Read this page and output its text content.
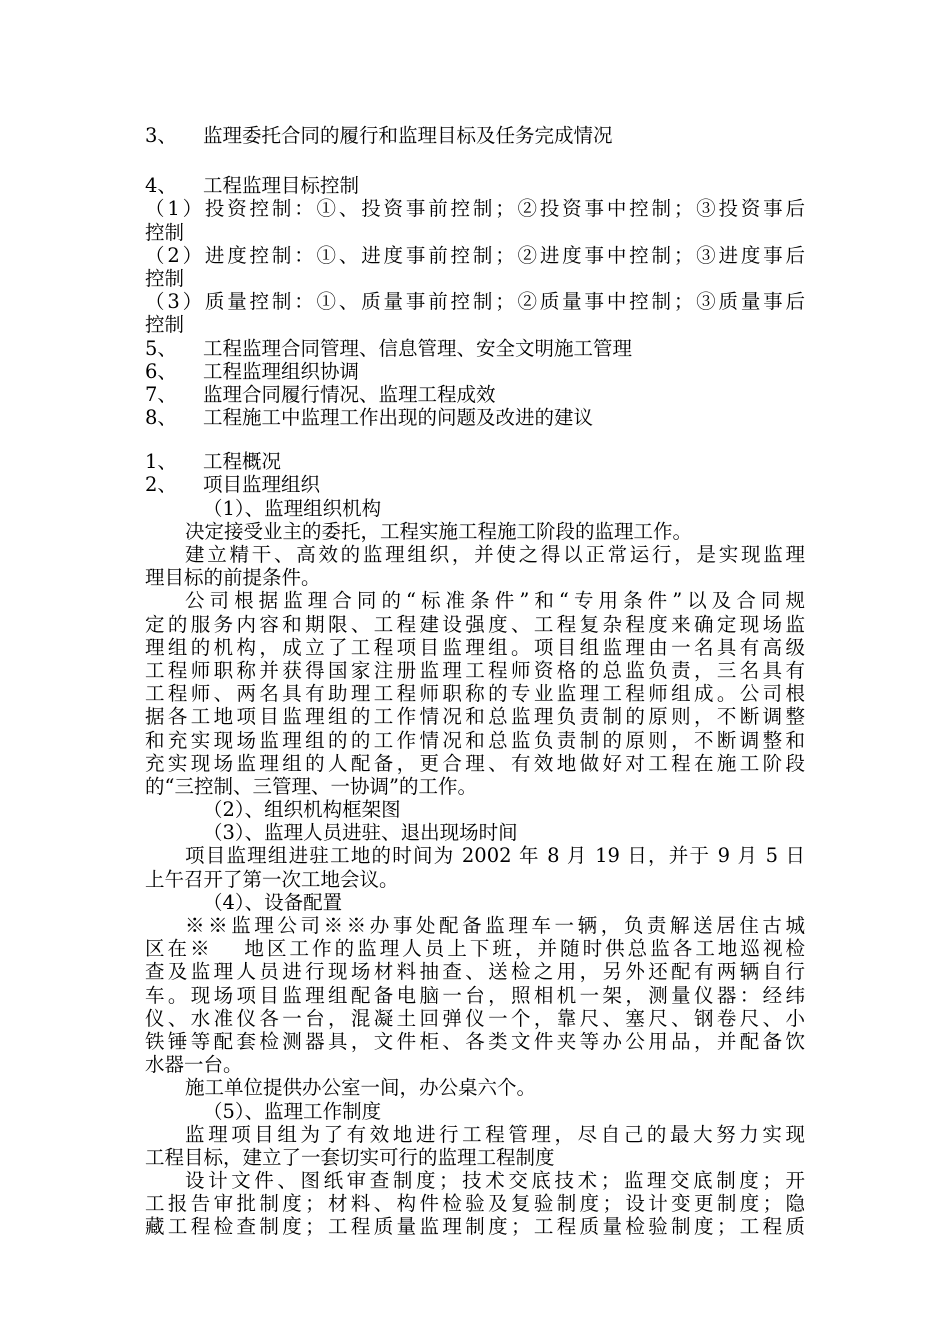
3、 监理委托合同的履行和监理目标及任务完成情况
4、 工程监理目标控制
（1）投资控制：①、投资事前控制；②投资事中控制；③投资事后
控制
（2）进度控制：①、进度事前控制；②进度事中控制；③进度事后
控制
（3）质量控制：①、质量事前控制；②质量事中控制；③质量事后
控制
5、 工程监理合同管理、信息管理、安全文明施工管理
6、 工程监理组织协调
7、 监理合同履行情况、监理工程成效
8、 工程施工中监理工作出现的问题及改进的建议
1、 工程概况
2、 项目监理组织
（1）、监理组织机构
决定接受业主的委托，工程实施工程施工阶段的监理工作。
建立精干、高效的监理组织，并使之得以正常运行，是实现监理
理目标的前提条件。
公司根据监理合同的“标准条件”和“专用条件”以及合同规
定的服务内容和期限、工程建设强度、工程复杂程度来确定现场监
理组的机构，成立了工程项目监理组。项目组监理由一名具有高级
工程师职称并获得国家注册监理工程师资格的总监负责，三名具有
工程师、两名具有助理工程师职称的专业监理工程师组成。公司根
据各工地项目监理组的工作情况和总监理负责制的原则，不断调整
和充实现场监理组的的工作情况和总监负责制的原则，不断调整和
充实现场监理组的人配备，更合理、有效地做好对工程在施工阶段
的“三控制、三管理、一协调”的工作。
（2）、组织机构框架图
（3）、监理人员进驻、退出现场时间
项目监理组进驻工地的时间为 2002 年 8 月 19 日，并于 9 月 5 日
上午召开了第一次工地会议。
（4）、设备配置
※※监理公司※※办事处配备监理车一辆，负责解送居住古城
区在※　 地区工作的监理人员上下班，并随时供总监各工地巡视检
查及监理人员进行现场材料抽查、送检之用，另外还配有两辆自行
车。现场项目监理组配备电脑一台，照相机一架，测量仪器：经纬
仪、水准仪各一台，混凝土回弹仪一个，靠尺、塞尺、钢卷尺、小
铁锤等配套检测器具，文件柜、各类文件夹等办公用品，并配备饮
水器一台。
施工单位提供办公室一间，办公桌六个。
（5）、监理工作制度
监理项目组为了有效地进行工程管理，尽自己的最大努力实现
工程目标，建立了一套切实可行的监理工程制度
设计文件、图纸审查制度；技术交底技术；监理交底制度；开
工报告审批制度；材料、构件检验及复验制度；设计变更制度；隐
藏工程检查制度；工程质量监理制度；工程质量检验制度；工程质
